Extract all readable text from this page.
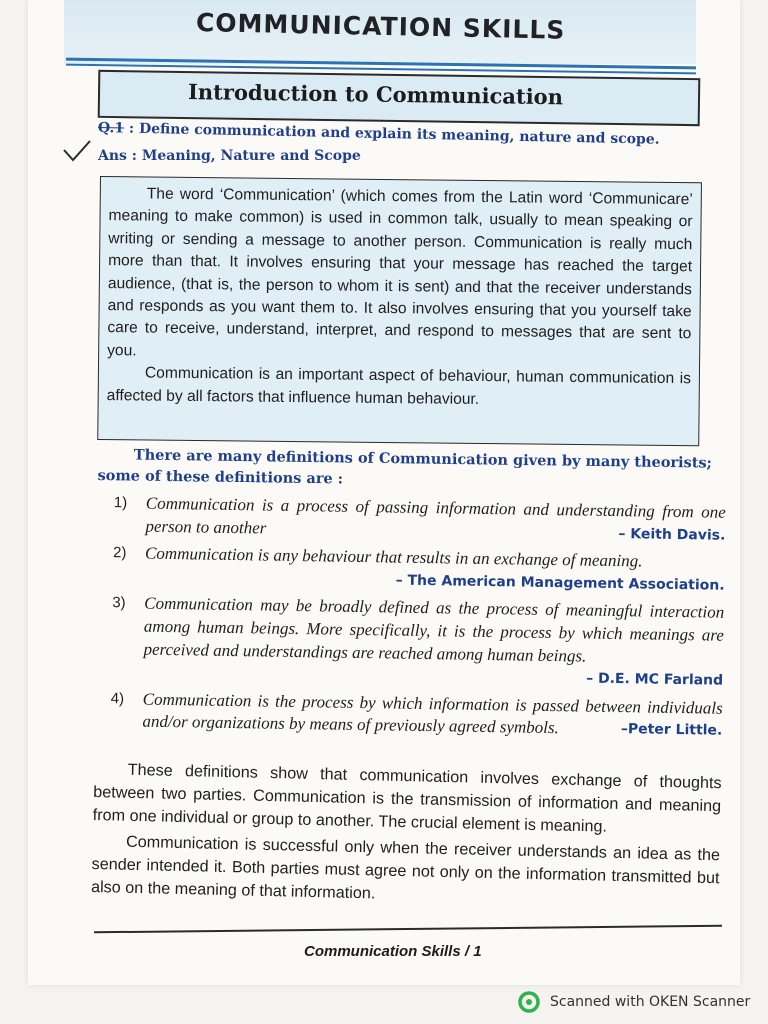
COMMUNICATION SKILLS
Introduction to Communication
Q.1 : Define communication and explain its meaning, nature and scope.
Ans : Meaning, Nature and Scope

The word ‘Communication’ (which comes from the Latin word ‘Communicare’ meaning to make common) is used in common talk, usually to mean speaking or writing or sending a message to another person. Communication is really much more than that. It involves ensuring that your message has reached the target audience, (that is, the person to whom it is sent) and that the receiver understands and responds as you want them to. It also involves ensuring that you yourself take care to receive, understand, interpret, and respond to messages that are sent to you.

Communication is an important aspect of behaviour, human communication is affected by all factors that influence human behaviour.

There are many definitions of Communication given by many theorists; some of these definitions are :
1) Communication is a process of passing information and understanding from one person to another	– Keith Davis.
2) Communication is any behaviour that results in an exchange of meaning.
– The American Management Association.
3) Communication may be broadly defined as the process of meaningful interaction among human beings. More specifically, it is the process by which meanings are perceived and understandings are reached among human beings.
– D.E. MC Farland
4) Communication is the process by which information is passed between individuals and/or organizations by means of previously agreed symbols.	–Peter Little.

These definitions show that communication involves exchange of thoughts between two parties. Communication is the transmission of information and meaning from one individual or group to another. The crucial element is meaning.

Communication is successful only when the receiver understands an idea as the sender intended it. Both parties must agree not only on the information transmitted but also on the meaning of that information.

Communication Skills / 1
Scanned with OKEN Scanner
